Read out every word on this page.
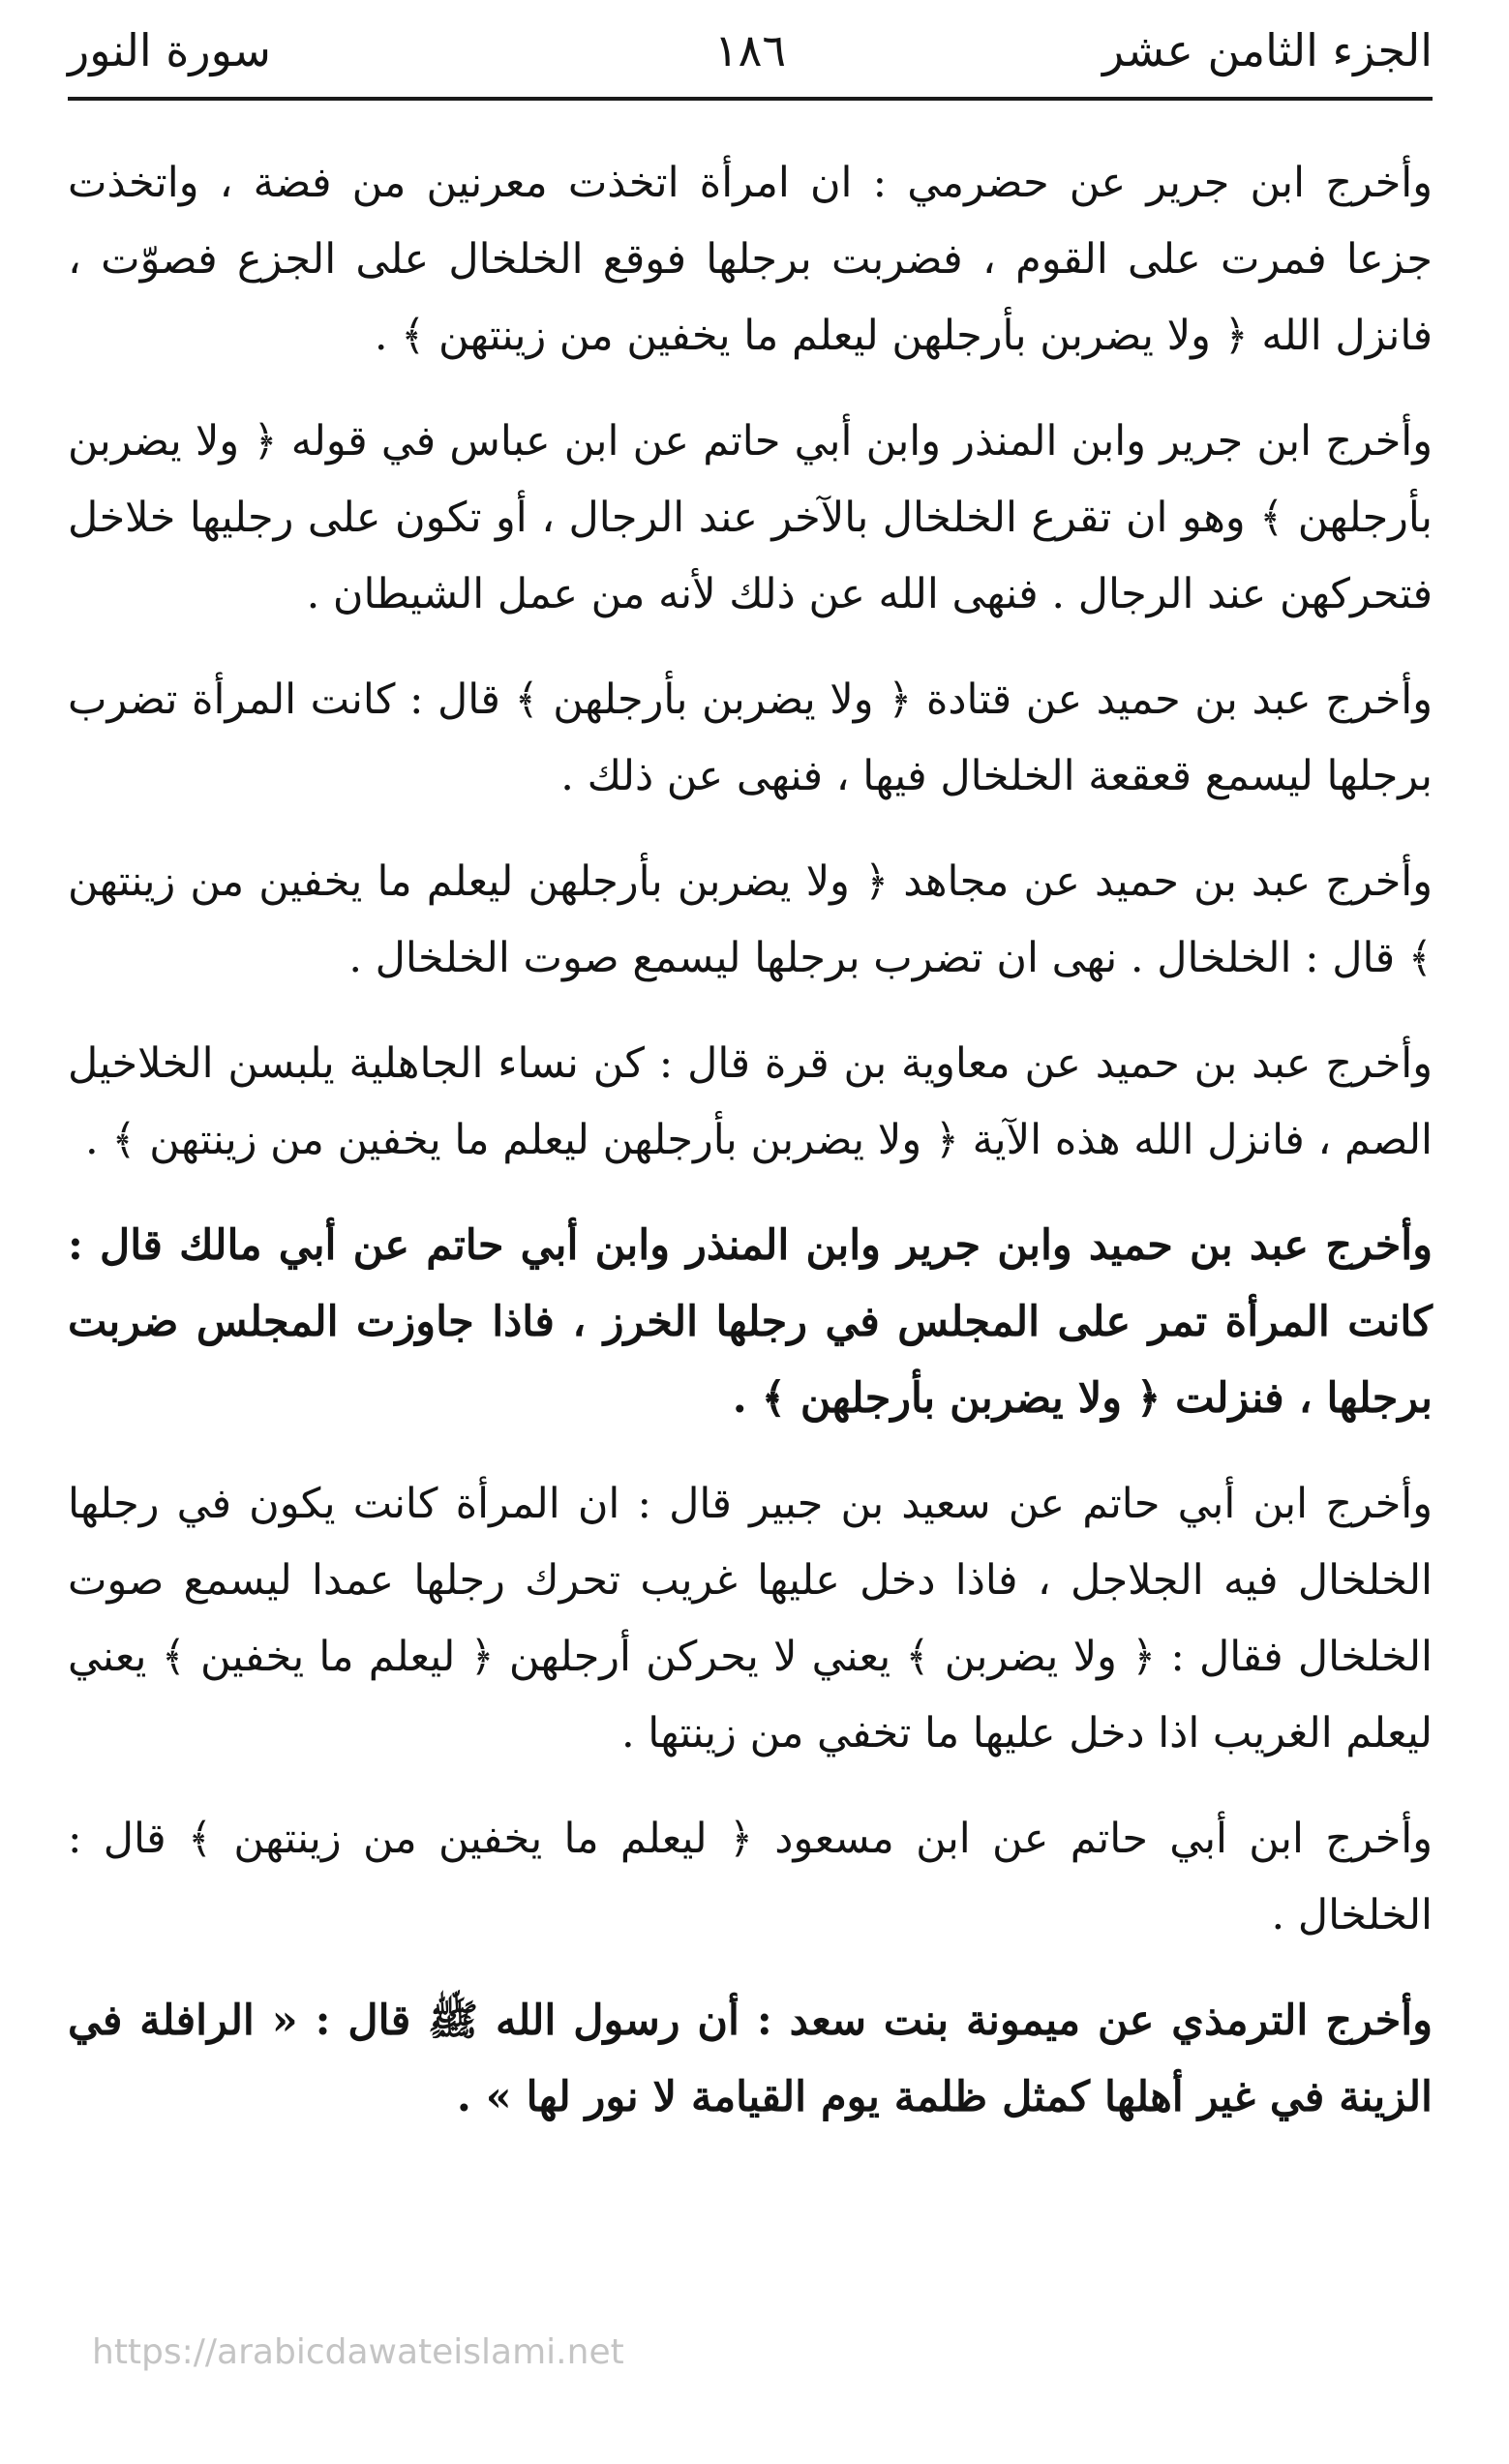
الجزء الثامن عشر
١٨٦
سورة النور

وأخرج ابن جرير عن حضرمي : ان امرأة اتخذت معرنين من فضة ، واتخذت جزعا فمرت على القوم ، فضربت برجلها فوقع الخلخال على الجزع فصوّت ، فانزل الله ﴿ ولا يضربن بأرجلهن ليعلم ما يخفين من زينتهن ﴾ .

وأخرج ابن جرير وابن المنذر وابن أبي حاتم عن ابن عباس في قوله ﴿ ولا يضربن بأرجلهن ﴾ وهو ان تقرع الخلخال بالآخر عند الرجال ، أو تكون على رجليها خلاخل فتحركهن عند الرجال . فنهى الله عن ذلك لأنه من عمل الشيطان .

وأخرج عبد بن حميد عن قتادة ﴿ ولا يضربن بأرجلهن ﴾ قال : كانت المرأة تضرب برجلها ليسمع قعقعة الخلخال فيها ، فنهى عن ذلك .

وأخرج عبد بن حميد عن مجاهد ﴿ ولا يضربن بأرجلهن ليعلم ما يخفين من زينتهن ﴾ قال : الخلخال . نهى ان تضرب برجلها ليسمع صوت الخلخال .

وأخرج عبد بن حميد عن معاوية بن قرة قال : كن نساء الجاهلية يلبسن الخلاخيل الصم ، فانزل الله هذه الآية ﴿ ولا يضربن بأرجلهن ليعلم ما يخفين من زينتهن ﴾ .

وأخرج عبد بن حميد وابن جرير وابن المنذر وابن أبي حاتم عن أبي مالك قال : كانت المرأة تمر على المجلس في رجلها الخرز ، فاذا جاوزت المجلس ضربت برجلها ، فنزلت ﴿ ولا يضربن بأرجلهن ﴾ .

وأخرج ابن أبي حاتم عن سعيد بن جبير قال : ان المرأة كانت يكون في رجلها الخلخال فيه الجلاجل ، فاذا دخل عليها غريب تحرك رجلها عمدا ليسمع صوت الخلخال فقال : ﴿ ولا يضربن ﴾ يعني لا يحركن أرجلهن ﴿ ليعلم ما يخفين ﴾ يعني ليعلم الغريب اذا دخل عليها ما تخفي من زينتها .

وأخرج ابن أبي حاتم عن ابن مسعود ﴿ ليعلم ما يخفين من زينتهن ﴾ قال : الخلخال .

وأخرج الترمذي عن ميمونة بنت سعد : أن رسول الله ﷺ قال : « الرافلة في الزينة في غير أهلها كمثل ظلمة يوم القيامة لا نور لها » .

https://arabicdawateislami.net
